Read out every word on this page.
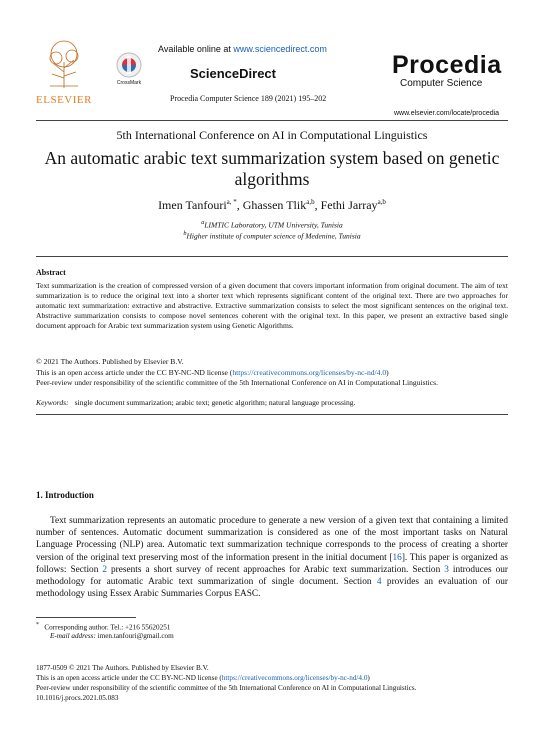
ELSEVIER
Available online at www.sciencedirect.com
CrossMark
ScienceDirect
Procedia Computer Science 189 (2021) 195–202
Procedia
Computer Science
www.elsevier.com/locate/procedia
5th International Conference on AI in Computational Linguistics
An automatic arabic text summarization system based on genetic algorithms
Imen Tanfouri$^{a, *}$, Ghassen Tlik$^{a,b}$, Fethi Jarray$^{a,b}$
$^a$LIMTIC Laboratory, UTM University, Tunisia
$^b$Higher institute of computer science of Medenine, Tunisia
Abstract
Text summarization is the creation of compressed version of a given document that covers important information from original document. The aim of text summarization is to reduce the original text into a shorter text which represents significant content of the original text. There are two approaches for automatic text summarization: extractive and abstractive. Extractive summarization consists to select the most significant sentences on the original text. Abstractive summarization consists to compose novel sentences coherent with the original text. In this paper, we present an extractive based single document approach for Arabic text summarization system using Genetic Algorithms.
© 2021 The Authors. Published by Elsevier B.V.
This is an open access article under the CC BY-NC-ND license (https://creativecommons.org/licenses/by-nc-nd/4.0)
Peer-review under responsibility of the scientific committee of the 5th International Conference on AI in Computational Linguistics.
Keywords: single document summarization; arabic text; genetic algorithm; natural language processing.
1. Introduction

Text summarization represents an automatic procedure to generate a new version of a given text that containing a limited number of sentences. Automatic document summarization is considered as one of the most important tasks on Natural Language Processing (NLP) area. Automatic text summarization technique corresponds to the process of creating a shorter version of the original text preserving most of the information present in the initial document [16]. This paper is organized as follows: Section 2 presents a short survey of recent approaches for Arabic text summarization. Section 3 introduces our methodology for automatic Arabic text summarization of single document. Section 4 provides an evaluation of our methodology using Essex Arabic Summaries Corpus EASC.

* Corresponding author. Tel.: +216 55620251
E-mail address: imen.tanfouri@gmail.com
1877-0509 © 2021 The Authors. Published by Elsevier B.V.
This is an open access article under the CC BY-NC-ND license (https://creativecommons.org/licenses/by-nc-nd/4.0)
Peer-review under responsibility of the scientific committee of the 5th International Conference on AI in Computational Linguistics.
10.1016/j.procs.2021.05.083
